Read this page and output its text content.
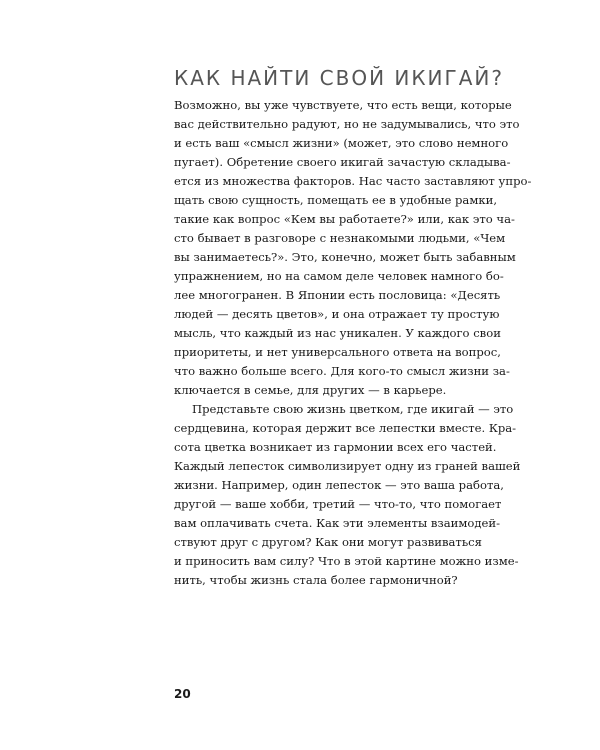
КАК НАЙТИ СВОЙ ИКИГАЙ?

Возможно, вы уже чувствуете, что есть вещи, которые
вас действительно радуют, но не задумывались, что это
и есть ваш «смысл жизни» (может, это слово немного
пугает). Обретение своего икигай зачастую складыва-
ется из множества факторов. Нас часто заставляют упро-
щать свою сущность, помещать ее в удобные рамки,
такие как вопрос «Кем вы работаете?» или, как это ча-
сто бывает в разговоре с незнакомыми людьми, «Чем
вы занимаетесь?». Это, конечно, может быть забавным
упражнением, но на самом деле человек намного бо-
лее многогранен. В Японии есть пословица: «Десять
людей — десять цветов», и она отражает ту простую
мысль, что каждый из нас уникален. У каждого свои
приоритеты, и нет универсального ответа на вопрос,
что важно больше всего. Для кого-то смысл жизни за-
ключается в семье, для других — в карьере.

Представьте свою жизнь цветком, где икигай — это
сердцевина, которая держит все лепестки вместе. Кра-
сота цветка возникает из гармонии всех его частей.
Каждый лепесток символизирует одну из граней вашей
жизни. Например, один лепесток — это ваша работа,
другой — ваше хобби, третий — что-то, что помогает
вам оплачивать счета. Как эти элементы взаимодей-
ствуют друг с другом? Как они могут развиваться
и приносить вам силу? Что в этой картине можно изме-
нить, чтобы жизнь стала более гармоничной?

20
